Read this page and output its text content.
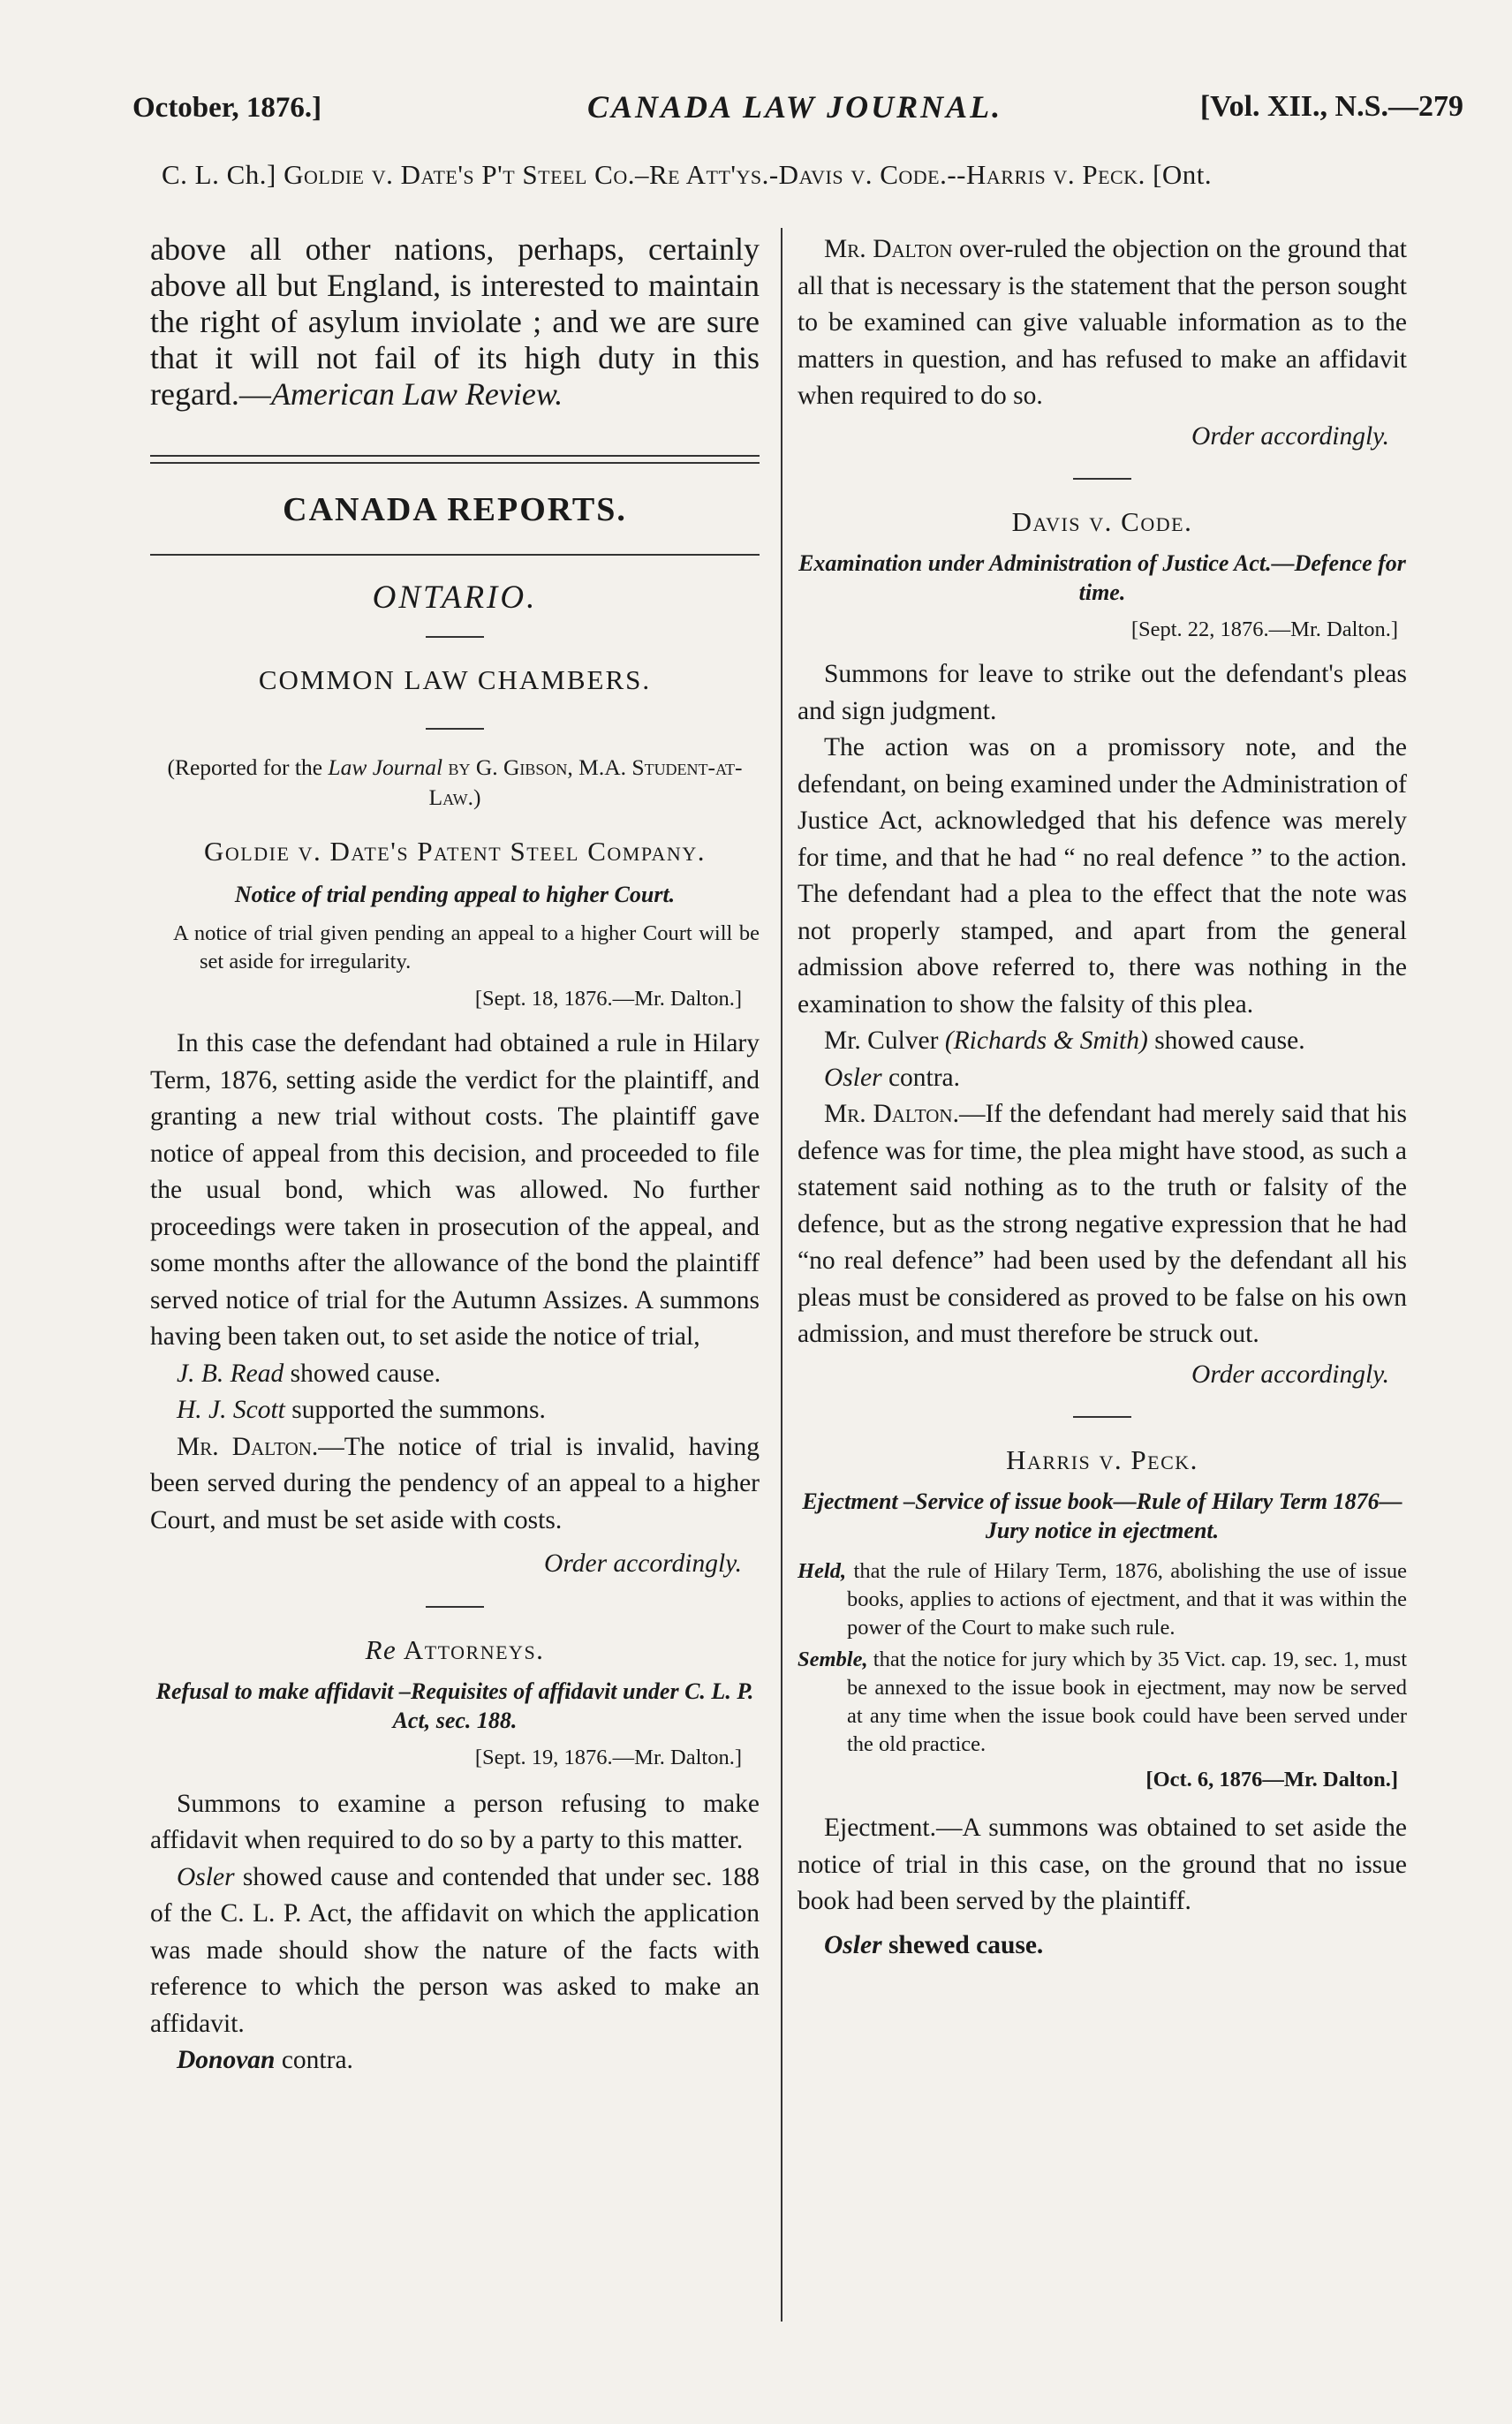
October, 1876.]	CANADA LAW JOURNAL.	[Vol. XII., N.S.—279
C. L. Ch.] Goldie v. Date's P't Steel Co.–Re Att'ys.-Davis v. Code.--Harris v. Peck. [Ont.

above all other nations, perhaps, certainly above all but England, is interested to maintain the right of asylum inviolate ; and we are sure that it will not fail of its high duty in this regard.—American Law Review.

CANADA REPORTS.
ONTARIO.
COMMON LAW CHAMBERS.

(Reported for the Law Journal by G. Gibson, M.A. Student-at-Law.)

Goldie v. Date's Patent Steel Company.
Notice of trial pending appeal to higher Court.

A notice of trial given pending an appeal to a higher Court will be set aside for irregularity.

[Sept. 18, 1876.—Mr. Dalton.]

In this case the defendant had obtained a rule in Hilary Term, 1876, setting aside the verdict for the plaintiff, and granting a new trial without costs. The plaintiff gave notice of appeal from this decision, and proceeded to file the usual bond, which was allowed. No further proceedings were taken in prosecution of the appeal, and some months after the allowance of the bond the plaintiff served notice of trial for the Autumn Assizes. A summons having been taken out, to set aside the notice of trial,

J. B. Read showed cause.

H. J. Scott supported the summons.

Mr. Dalton.—The notice of trial is invalid, having been served during the pendency of an appeal to a higher Court, and must be set aside with costs.

Order accordingly.

Re Attorneys.
Refusal to make affidavit –Requisites of affidavit under C. L. P. Act, sec. 188.
[Sept. 19, 1876.—Mr. Dalton.]

Summons to examine a person refusing to make affidavit when required to do so by a party to this matter.

Osler showed cause and contended that under sec. 188 of the C. L. P. Act, the affidavit on which the application was made should show the nature of the facts with reference to which the person was asked to make an affidavit.

Donovan contra.

Mr. Dalton over-ruled the objection on the ground that all that is necessary is the statement that the person sought to be examined can give valuable information as to the matters in question, and has refused to make an affidavit when required to do so.

Order accordingly.

Davis v. Code.
Examination under Administration of Justice Act.—Defence for time.
[Sept. 22, 1876.—Mr. Dalton.]

Summons for leave to strike out the defendant's pleas and sign judgment.

The action was on a promissory note, and the defendant, on being examined under the Administration of Justice Act, acknowledged that his defence was merely for time, and that he had “ no real defence ” to the action. The defendant had a plea to the effect that the note was not properly stamped, and apart from the general admission above referred to, there was nothing in the examination to show the falsity of this plea.

Mr. Culver (Richards & Smith) showed cause.

Osler contra.

Mr. Dalton.—If the defendant had merely said that his defence was for time, the plea might have stood, as such a statement said nothing as to the truth or falsity of the defence, but as the strong negative expression that he had “no real defence” had been used by the defendant all his pleas must be considered as proved to be false on his own admission, and must therefore be struck out.

Order accordingly.

Harris v. Peck.
Ejectment –Service of issue book—Rule of Hilary Term 1876—Jury notice in ejectment.

Held, that the rule of Hilary Term, 1876, abolishing the use of issue books, applies to actions of ejectment, and that it was within the power of the Court to make such rule.

Semble, that the notice for jury which by 35 Vict. cap. 19, sec. 1, must be annexed to the issue book in ejectment, may now be served at any time when the issue book could have been served under the old practice.

[Oct. 6, 1876—Mr. Dalton.]

Ejectment.—A summons was obtained to set aside the notice of trial in this case, on the ground that no issue book had been served by the plaintiff.

Osler shewed cause.
